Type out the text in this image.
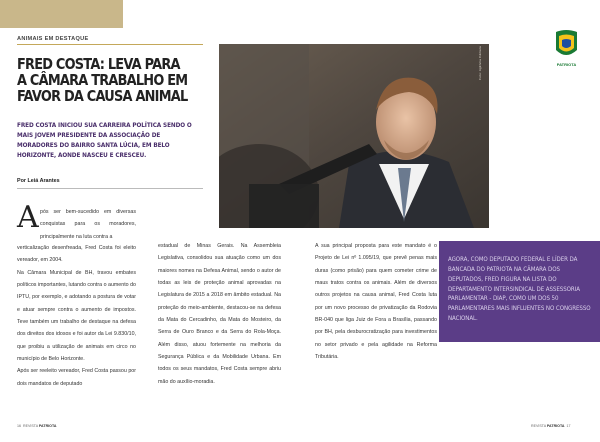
ANIMAIS EM DESTAQUE
FRED COSTA: LEVA PARA A CÂMARA TRABALHO EM FAVOR DA CAUSA ANIMAL
FRED COSTA INICIOU SUA CARREIRA POLÍTICA SENDO O MAIS JOVEM PRESIDENTE DA ASSOCIAÇÃO DE MORADORES DO BAIRRO SANTA LÚCIA, EM BELO HORIZONTE, AONDE NASCEU E CRESCEU.
Por Leiá Arantes
A pós ser bem-sucedido em diversas conquistas para os moradores, principalmente na luta contra a

verticalização desenfreada, Fred Costa foi eleito vereador, em 2004.

Na Câmara Municipal de BH, travou embates políticos importantes, lutando contra o aumento do IPTU, por exemplo, e adotando a postura de votar e atuar sempre contra o aumento de impostos. Teve também um trabalho de destaque na defesa dos direitos dos idosos e foi autor da Lei 9.830/10, que proibiu a utilização de animais em circo no município de Belo Horizonte.

Após ser reeleito vereador, Fred Costa passou por dois mandatos de deputado

estadual de Minas Gerais. Na Assembleia Legislativa, consolidou sua atuação como um dos maiores nomes na Defesa Animal, sendo o autor de todas as leis de proteção animal aprovadas na Legislatura de 2015 a 2018 em âmbito estadual. Na proteção do meio-ambiente, destacou-se na defesa da Mata do Cercadinho, da Mata do Mosteiro, da Serra de Ouro Branco e da Serra do Rola-Moça. Além disso, atuou fortemente na melhoria da Segurança Pública e da Mobilidade Urbana. Em todos os seus mandatos, Fred Costa sempre abriu mão do auxílio-moradia.

A sua principal proposta para este mandato é o Projeto de Lei nº 1.095/19, que prevê penas mais duras (como prisão) para quem cometer crime de maus tratos contra os animais. Além de diversos outros projetos na causa animal, Fred Costa luta por um novo processo de privatização da Rodovia BR-040 que liga Juiz de Fora a Brasília, passando por BH, pela desburocratização para investimentos no setor privado e pela agilidade na Reforma Tributária.

Foto: Agência Câmara	PATRIOTA
AGORA, COMO DEPUTADO FEDERAL E LÍDER DA BANCADA DO PATRIOTA NA CÂMARA DOS DEPUTADOS, FRED FIGURA NA LISTA DO DEPARTAMENTO INTERSINDICAL DE ASSESSORIA PARLAMENTAR - DIAP, COMO UM DOS 50 PARLAMENTARES MAIS INFLUENTES NO CONGRESSO NACIONAL.
16 REVISTA PATRIOTA	REVISTA PATRIOTA 17
